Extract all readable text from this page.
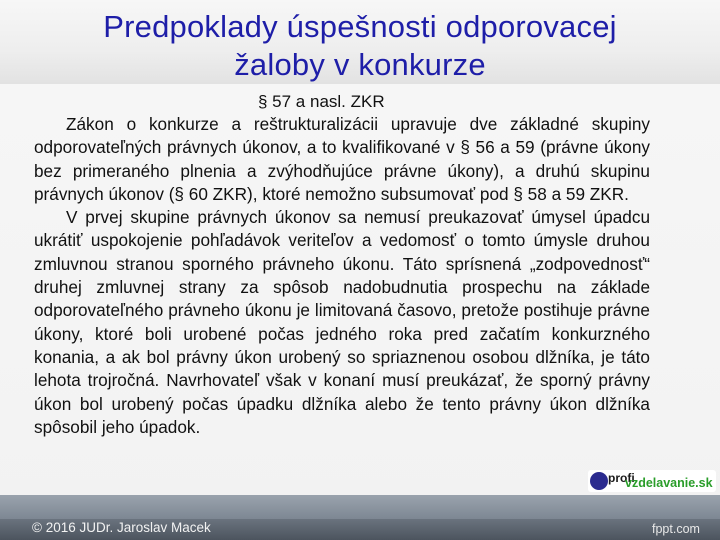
Predpoklady úspešnosti odporovacej žaloby v konkurze
§ 57 a nasl. ZKR

Zákon o konkurze a reštrukturalizácii upravuje dve základné skupiny odporovateľných právnych úkonov, a to kvalifikované v § 56 a 59 (právne úkony bez primeraného plnenia a zvýhodňujúce právne úkony), a druhú skupinu právnych úkonov (§ 60 ZKR), ktoré nemožno subsumovať pod § 58 a 59 ZKR.

V prvej skupine právnych úkonov sa nemusí preukazovať úmysel úpadcu ukrátiť uspokojenie pohľadávok veriteľov a vedomosť o tomto úmysle druhou zmluvnou stranou sporného právneho úkonu. Táto sprísnená „zodpovednosť“ druhej zmluvnej strany za spôsob nadobudnutia prospechu na základe odporovateľného právneho úkonu je limitovaná časovo, pretože postihuje právne úkony, ktoré boli urobené počas jedného roka pred začatím konkurzného konania, a ak bol právny úkon urobený so spriaznenou osobou dlžníka, je táto lehota trojročná. Navrhovateľ však v konaní musí preukázať, že sporný právny úkon bol urobený počas úpadku dlžníka alebo že tento právny úkon dlžníka spôsobil jeho úpadok.

profi
vzdelavanie.sk
© 2016 JUDr. Jaroslav Macek	fppt.com
